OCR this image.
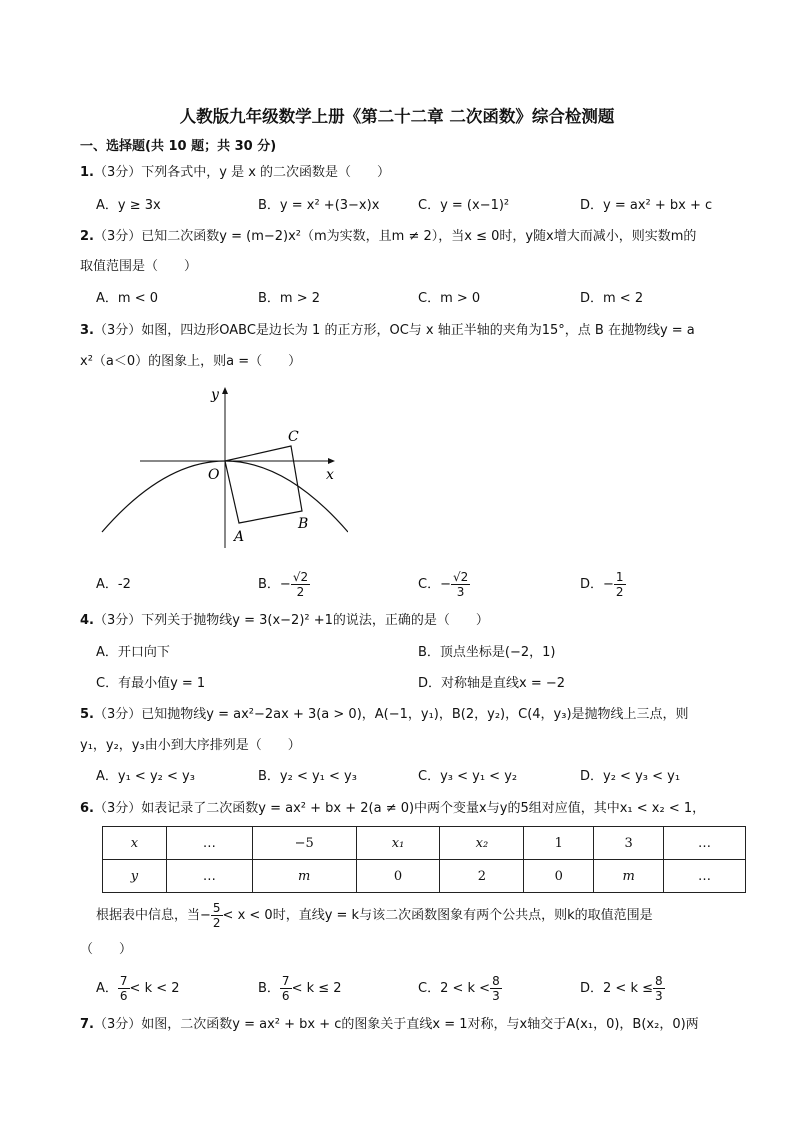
人教版九年级数学上册《第二十二章 二次函数》综合检测题
一、选择题(共 10 题；共 30 分)
1.（3分）下列各式中，y 是 x 的二次函数是（　　）
A．y ≥ 3x	B．y = x² +(3−x)x	C．y = (x−1)²	D．y = ax² + bx + c
2.（3分）已知二次函数y = (m−2)x²（m为实数，且m ≠ 2），当x ≤ 0时，y随x增大而减小，则实数m的
取值范围是（　　）
A．m < 0	B．m > 2	C．m > 0	D．m < 2
3.（3分）如图，四边形OABC是边长为 1 的正方形，OC与 x 轴正半轴的夹角为15°，点 B 在抛物线y = a
x²（a＜0）的图象上，则a =（　　）
y
x
O
A
B
C
A．-2	B．− $\frac{√2}{2}$	C．− $\frac{√2}{3}$	D．− $\frac{1}{2}$
4.（3分）下列关于抛物线y = 3(x−2)² +1的说法，正确的是（　　）
A．开口向下	B．顶点坐标是(−2，1)
C．有最小值y = 1	D．对称轴是直线x = −2
5.（3分）已知抛物线y = ax²−2ax + 3(a > 0)，A(−1，y₁)，B(2，y₂)，C(4，y₃)是抛物线上三点，则
y₁，y₂，y₃由小到大序排列是（　　）
A．y₁ < y₂ < y₃	B．y₂ < y₁ < y₃	C．y₃ < y₁ < y₂	D．y₂ < y₃ < y₁
6.（3分）如表记录了二次函数y = ax² + bx + 2(a ≠ 0)中两个变量x与y的5组对应值，其中x₁ < x₂ < 1，
x	…	−5	x₁	x₂	1	3	…
y	…	m	0	2	0	m	…
根据表中信息，当− $\frac{5}{2} < x < 0$时，直线y = k与该二次函数图象有两个公共点，则k的取值范围是
（　　）
A． $\frac{7}{6} < k < 2$	B． $\frac{7}{6} < k \le 2$	C．$2 < k < \frac{8}{3}$	D．$2 < k \le \frac{8}{3}$
7.（3分）如图，二次函数y = ax² + bx + c的图象关于直线x = 1对称，与x轴交于A(x₁，0)，B(x₂，0)两
